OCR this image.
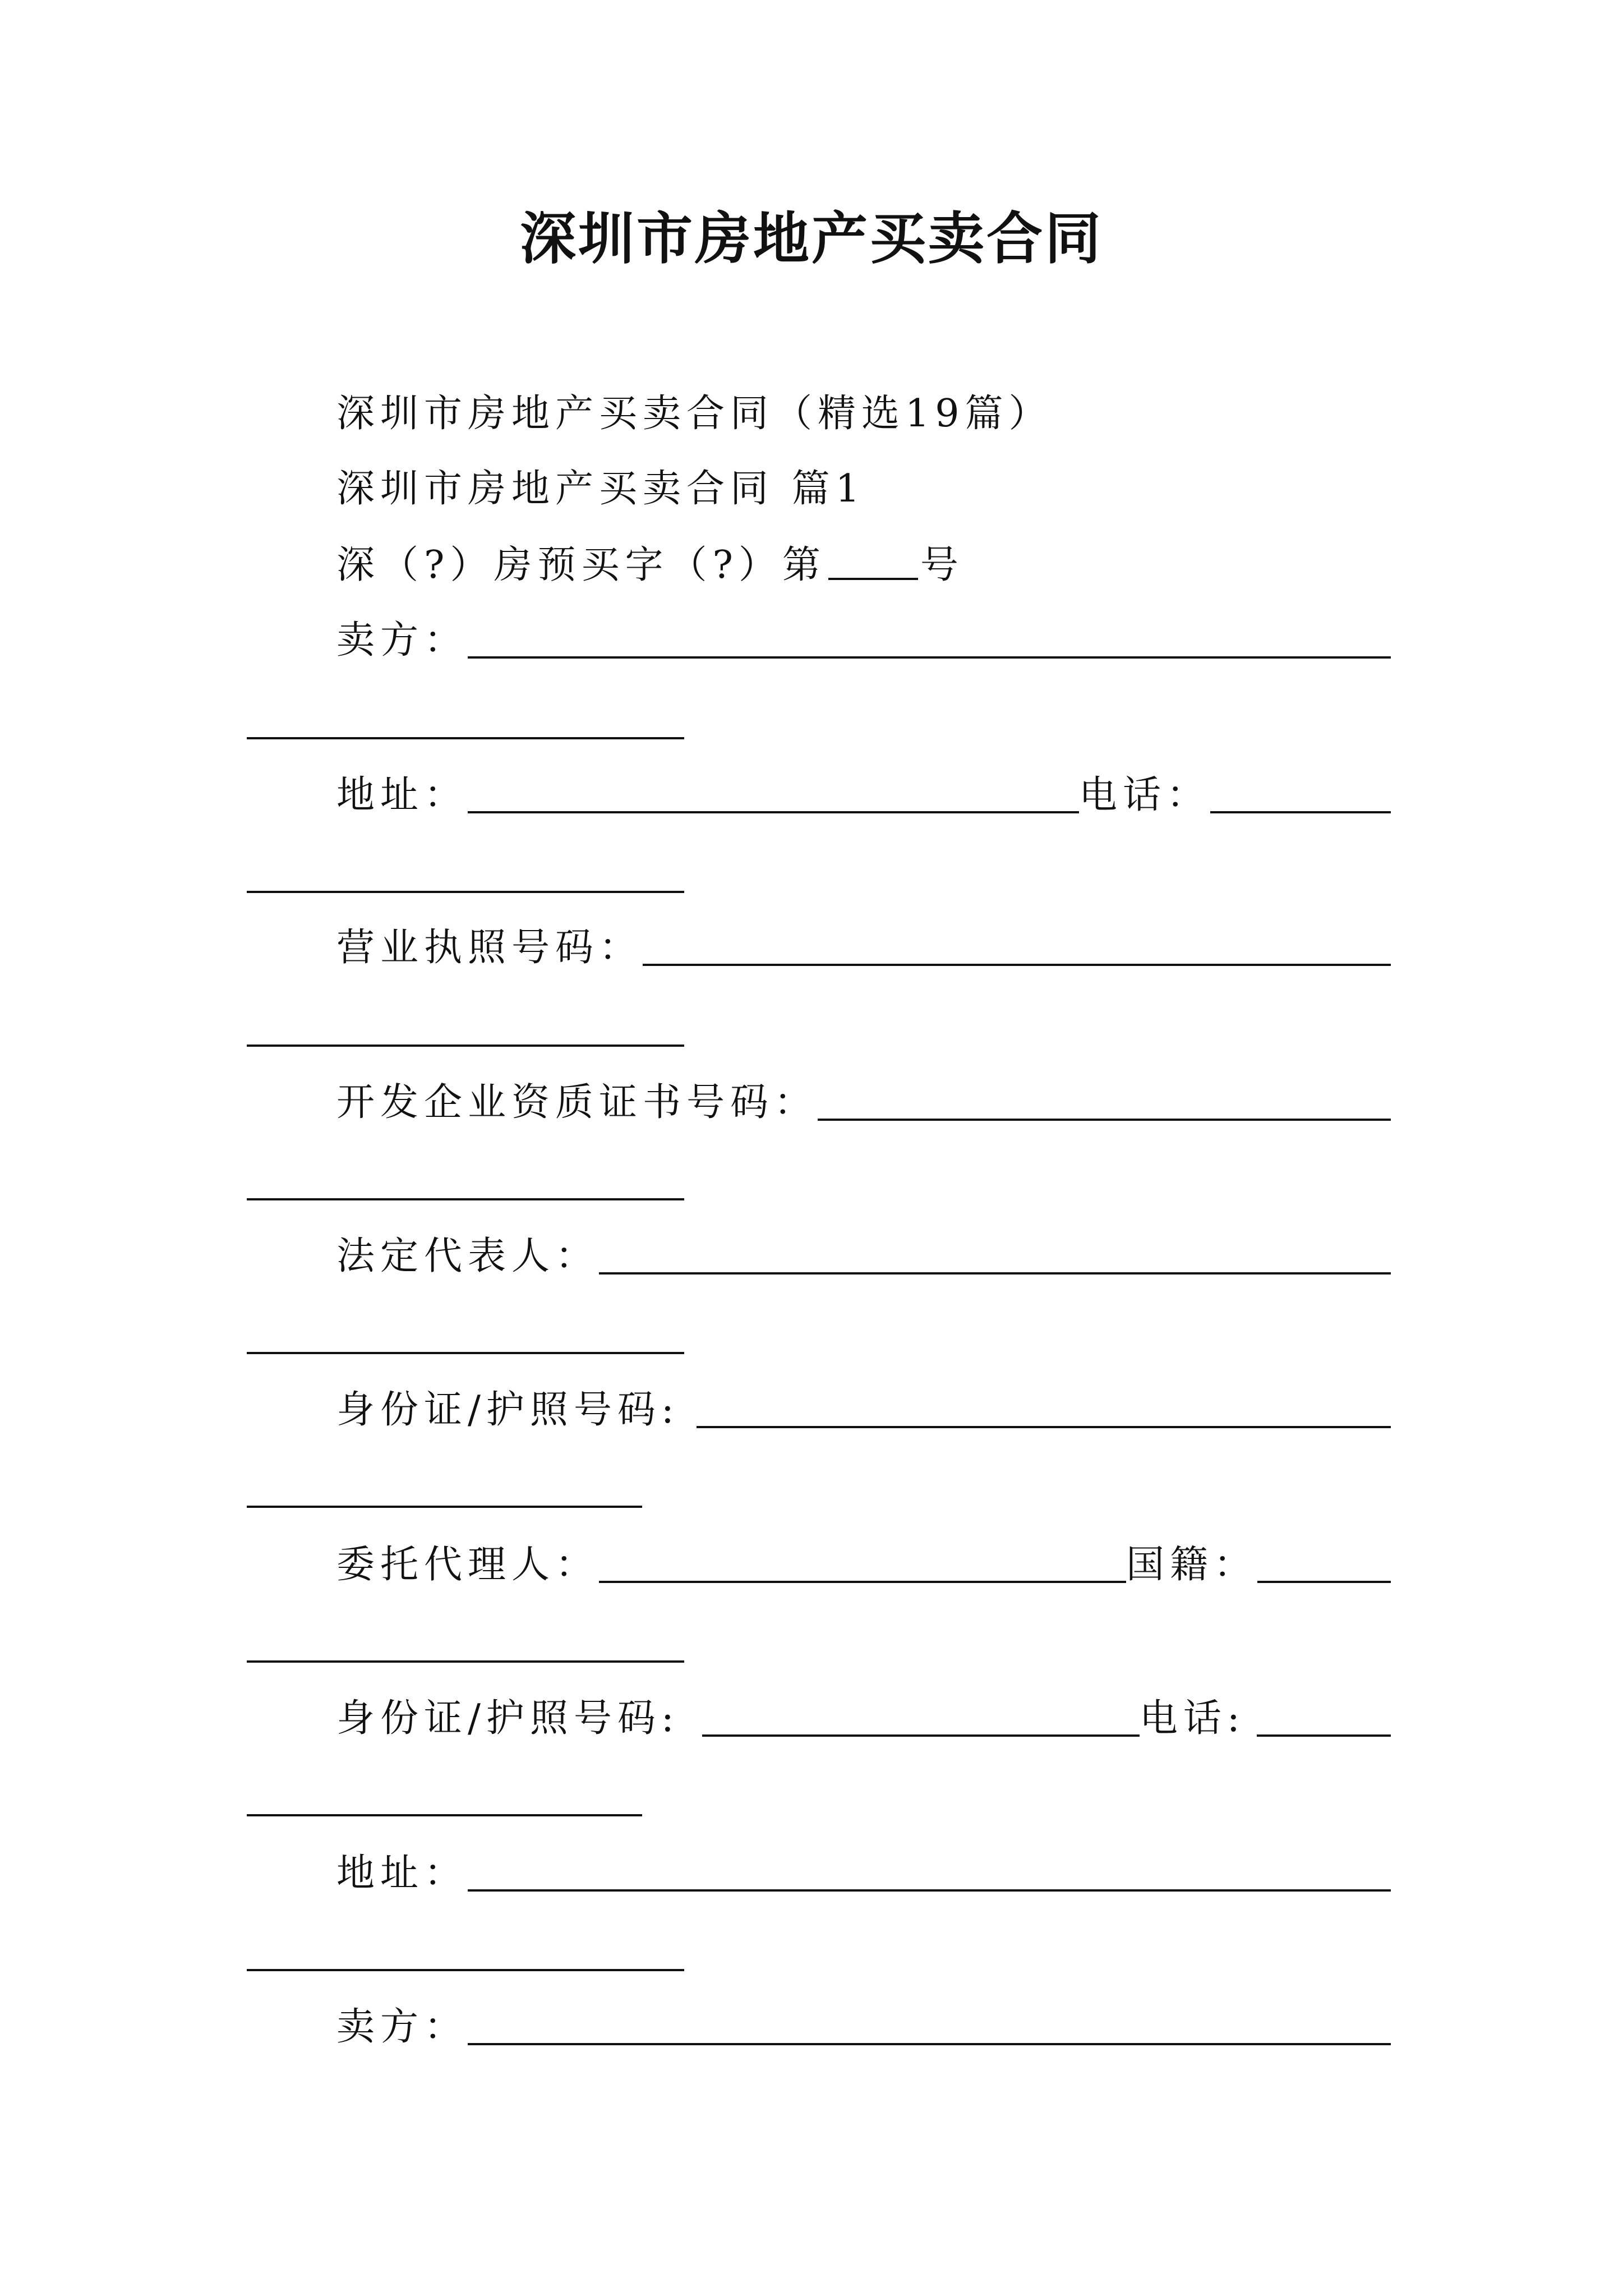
深圳市房地产买卖合同
深圳市房地产买卖合同（精选19篇）
深圳市房地产买卖合同 篇1
深（?）房预买字（?）第 号
卖方：
地址：	电话：
营业执照号码：
开发企业资质证书号码：
法定代表人：
身份证/护照号码:
委托代理人：	国籍：
身份证/护照号码:	电话:
地址：
卖方：
